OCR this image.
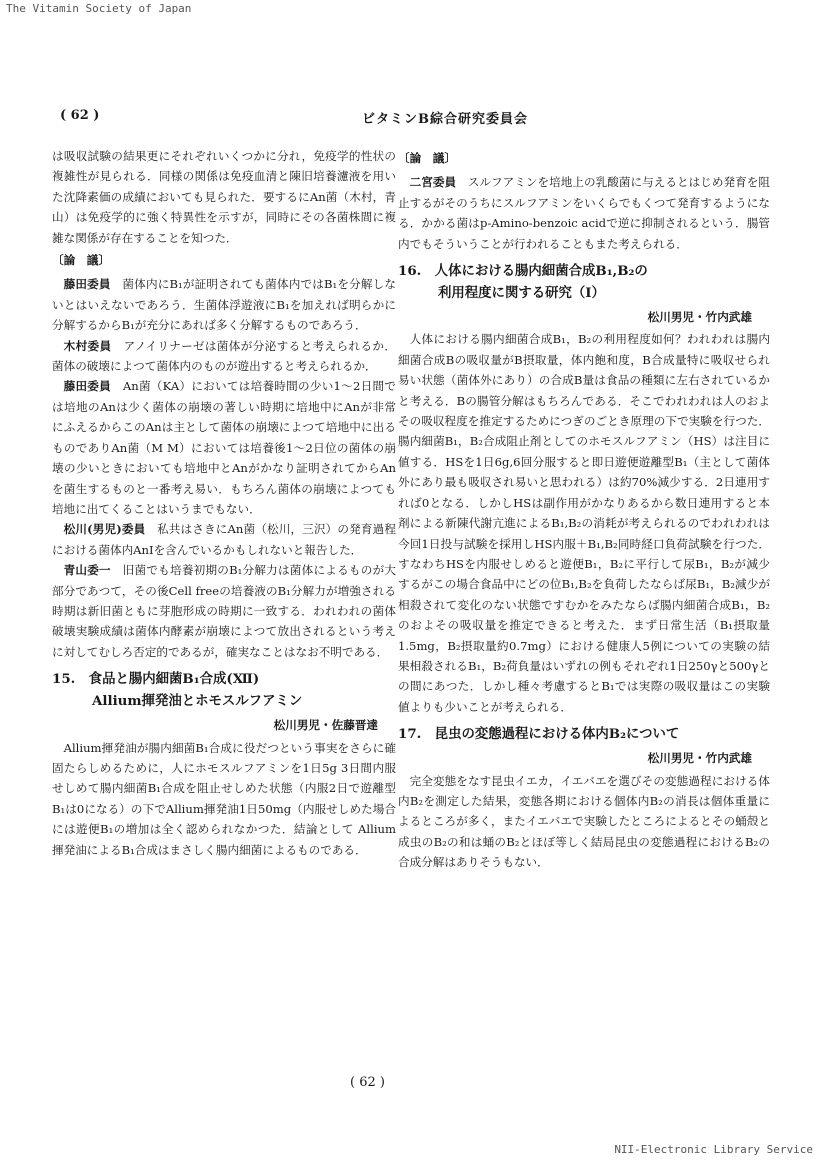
The Vitamin Society of Japan
( 62 )	ビタミンB綜合研究委員会

は吸収試験の結果更にそれぞれいくつかに分れ，免疫学的性状の複雑性が見られる．同様の関係は免疫血清と陳旧培養濾液を用いた沈降素価の成績においても見られた．要するにAn菌（木村，青山）は免疫学的に強く特異性を示すが，同時にその各菌株間に複雑な関係が存在することを知つた．

〔論　議〕

藤田委員　 菌体内にB₁が証明されても菌体内ではB₁を分解しないとはいえないであろう．生菌体浮遊液にB₁を加えれば明らかに分解するからB₁が充分にあれば多く分解するものであろう．

木村委員　 アノイリナーゼは菌体が分泌すると考えられるか．菌体の破壊によつて菌体内のものが遊出すると考えられるか．

藤田委員　 An菌（KA）においては培養時間の少い1～2日間では培地のAnは少く菌体の崩壊の著しい時期に培地中にAnが非常にふえるからこのAnは主として菌体の崩壊によつて培地中に出るものでありAn菌（M M）においては培養後1～2日位の菌体の崩壊の少いときにおいても培地中とAnがかなり証明されてからAnを菌生するものと一番考え易い．もちろん菌体の崩壊によつても培地に出てくることはいうまでもない．

松川(男児)委員　 私共はさきにAn菌（松川，三沢）の発育過程における菌体内AnIを含んでいるかもしれないと報告した．

青山委一　 旧菌でも培養初期のB₁分解力は菌体によるものが大部分であつて，その後Cell freeの培養液のB₁分解力が増強される時期は新旧菌ともに芽胞形成の時期に一致する．われわれの菌体破壊実験成績は菌体内酵素が崩壊によつて放出されるという考えに対してむしろ否定的であるが，確実なことはなお不明である．

15.　食品と腸内細菌B₁合成(Ⅻ)
Allium揮発油とホモスルフアミン
松川男児・佐藤晋達

Allium揮発油が腸内細菌B₁合成に役だつという事実をさらに確固たらしめるために，人にホモスルフアミンを1日5g 3日間内服せしめて腸内細菌B₁合成を阻止せしめた状態（内服2日で遊離型B₁は0になる）の下でAllium揮発油1日50mg（内服せしめた場合には遊便B₁の増加は全く認められなかつた．結論として Allium揮発油によるB₁合成はまさしく腸内細菌によるものである．

〔論　議〕

二宮委員　 スルフアミンを培地上の乳酸菌に与えるとはじめ発育を阻止するがそのうちにスルフアミンをいくらでもくつて発育するようになる．かかる菌はp-Amino-benzoic acidで逆に抑制されるという．腸管内でもそういうことが行われることもまた考えられる．

16.　人体における腸内細菌合成B₁,B₂の
利用程度に関する研究（Ⅰ）
松川男児・竹内武雄

人体における腸内細菌合成B₁，B₂の利用程度如何？われわれは腸内細菌合成Bの吸収量がB摂取量，体内飽和度，B合成量特に吸収せられ易い状態（菌体外にあり）の合成B量は食品の種類に左右されているかと考える．Bの腸管分解はもちろんである．そこでわれわれは人のおよその吸収程度を推定するためにつぎのごとき原理の下で実験を行つた．腸内細菌B₁，B₂合成阻止剤としてのホモスルフアミン（HS）は注目に値する．HSを1日6g,6回分服すると即日遊便遊離型B₁（主として菌体外にあり最も吸収され易いと思われる）は約70%減少する．2日連用すれば0となる．しかしHSは副作用がかなりあるから数日連用すると本剤による新陳代謝亢進によるB₁,B₂の消耗が考えられるのでわれわれは今回1日投与試験を採用しHS内服＋B₁,B₂同時経口負荷試験を行つた．すなわちHSを内服せしめると遊便B₁，B₂に平行して尿B₁，B₂が減少するがこの場合食品中にどの位B₁,B₂を負荷したならば尿B₁，B₂減少が相殺されて変化のない状態ですむかをみたならば腸内細菌合成B₁，B₂のおよその吸収量を推定できると考えた．まず日常生活（B₁摂取量1.5mg，B₂摂取量約0.7mg）における健康人5例についての実験の結果相殺されるB₁，B₂荷負量はいずれの例もそれぞれ1日250γと500γとの間にあつた．しかし種々考慮するとB₁では実際の吸収量はこの実験値よりも少いことが考えられる．

17.　昆虫の変態過程における体内B₂について
松川男児・竹内武雄

完全変態をなす昆虫イエカ，イエバエを選びその変態過程における体内B₂を測定した結果，変態各期における個体内B₂の消長は個体重量によるところが多く，またイエバエで実験したところによるとその蛹殻と成虫のB₂の和は蛹のB₂とほぼ等しく結局昆虫の変態過程におけるB₂の合成分解はありそうもない．

( 62 )
NII-Electronic Library Service
